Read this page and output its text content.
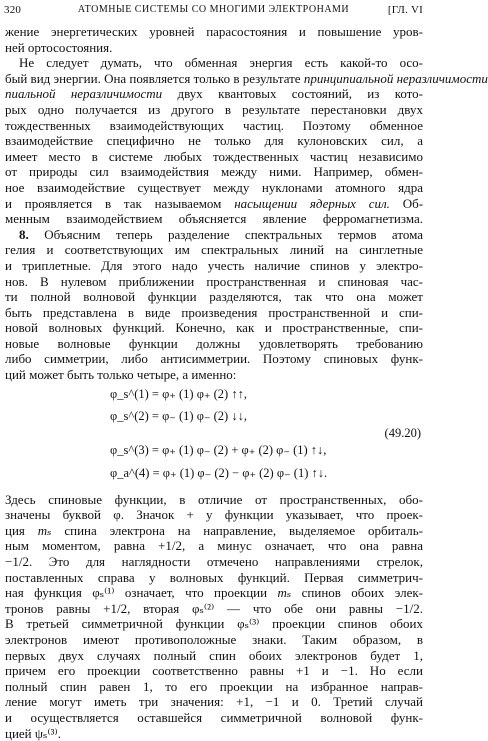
320	АТОМНЫЕ СИСТЕМЫ СО МНОГИМИ ЭЛЕКТРОНАМИ	[ГЛ. VI
жение энергетических уровней парасостояния и повышение уров-
ней ортосостояния.
Не следует думать, что обменная энергия есть какой-то осо-
бый вид энергии. Она появляется только в результате принципиальной неразличимости
пиальной неразличимости двух квантовых состояний, из кото-
рых одно получается из другого в результате перестановки двух
тождественных взаимодействующих частиц. Поэтому обменное
взаимодействие специфично не только для кулоновских сил, а
имеет место в системе любых тождественных частиц независимо
от природы сил взаимодействия между ними. Например, обмен-
ное взаимодействие существует между нуклонами атомного ядра
и проявляется в так называемом насыщении ядерных сил. Об-
менным взаимодействием объясняется явление ферромагнетизма.
8. Объясним теперь разделение спектральных термов атома
гелия и соответствующих им спектральных линий на синглетные
и триплетные. Для этого надо учесть наличие спинов у электро-
нов. В нулевом приближении пространственная и спиновая час-
ти полной волновой функции разделяются, так что она может
быть представлена в виде произведения пространственной и спи-
новой волновых функций. Конечно, как и пространственные, спи-
новые волновые функции должны удовлетворять требованию
либо симметрии, либо антисимметрии. Поэтому спиновых функ-
ций может быть только четыре, а именно:
φ_s^(1) = φ₊ (1) φ₊ (2) ↑↑,
φ_s^(2) = φ₋ (1) φ₋ (2) ↓↓,
(49.20)
φ_s^(3) = φ₊ (1) φ₋ (2) + φ₊ (2) φ₋ (1) ↑↓,
φ_a^(4) = φ₊ (1) φ₋ (2) − φ₊ (2) φ₋ (1) ↑↓.
Здесь спиновые функции, в отличие от пространственных, обо-
значены буквой φ. Значок + у функции указывает, что проек-
ция mₛ спина электрона на направление, выделяемое орбиталь-
ным моментом, равна +1/2, а минус означает, что она равна
−1/2. Это для наглядности отмечено направлениями стрелок,
поставленных справа у волновых функций. Первая симметрич-
ная функция φₛ⁽¹⁾ означает, что проекции mₛ спинов обоих элек-
тронов равны +1/2, вторая φₛ⁽²⁾ — что обе они равны −1/2.
В третьей симметричной функции φₛ⁽³⁾ проекции спинов обоих
электронов имеют противоположные знаки. Таким образом, в
первых двух случаях полный спин обоих электронов будет 1,
причем его проекции соответственно равны +1 и −1. Но если
полный спин равен 1, то его проекции на избранное направ-
ление могут иметь три значения: +1, −1 и 0. Третий случай
и осуществляется оставшейся симметричной волновой функ-
цией ψₛ⁽³⁾.
